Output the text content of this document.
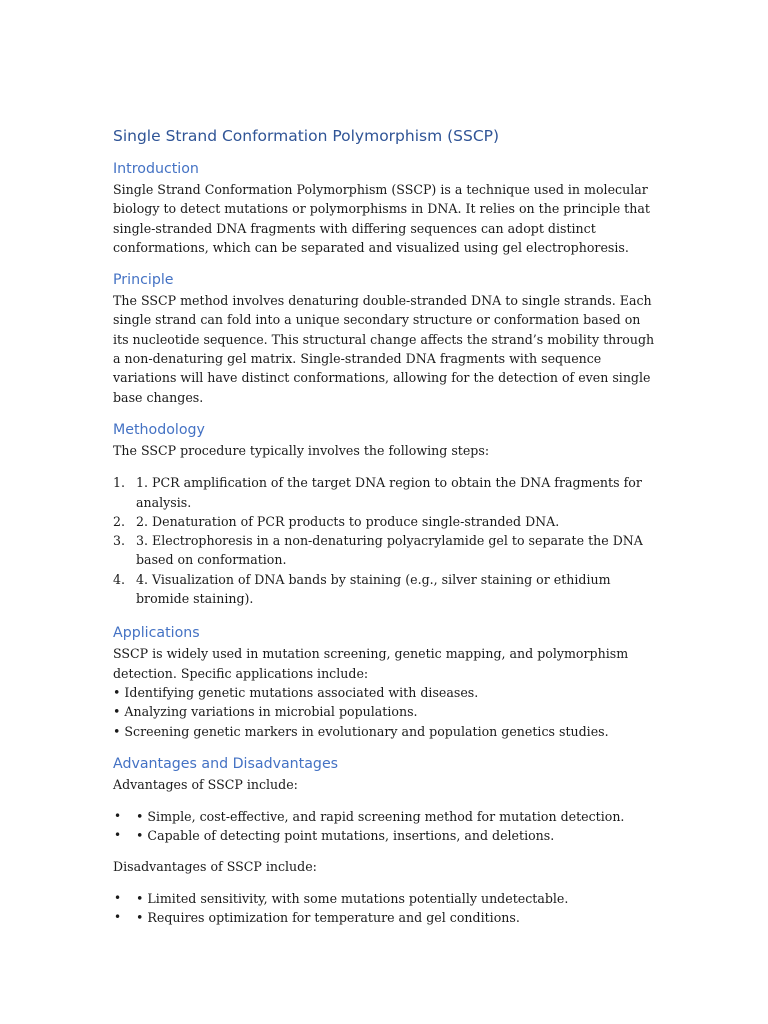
Single Strand Conformation Polymorphism (SSCP)
Introduction

Single Strand Conformation Polymorphism (SSCP) is a technique used in molecular biology to detect mutations or polymorphisms in DNA. It relies on the principle that single-stranded DNA fragments with differing sequences can adopt distinct conformations, which can be separated and visualized using gel electrophoresis.

Principle

The SSCP method involves denaturing double-stranded DNA to single strands. Each single strand can fold into a unique secondary structure or conformation based on its nucleotide sequence. This structural change affects the strand’s mobility through a non-denaturing gel matrix. Single-stranded DNA fragments with sequence variations will have distinct conformations, allowing for the detection of even single base changes.

Methodology

The SSCP procedure typically involves the following steps:

1. 1. PCR amplification of the target DNA region to obtain the DNA fragments for analysis.
2. 2. Denaturation of PCR products to produce single-stranded DNA.
3. 3. Electrophoresis in a non-denaturing polyacrylamide gel to separate the DNA based on conformation.
4. 4. Visualization of DNA bands by staining (e.g., silver staining or ethidium bromide staining).
Applications

SSCP is widely used in mutation screening, genetic mapping, and polymorphism detection. Specific applications include:

• Identifying genetic mutations associated with diseases.
• Analyzing variations in microbial populations.
• Screening genetic markers in evolutionary and population genetics studies.
Advantages and Disadvantages

Advantages of SSCP include:

• • Simple, cost-effective, and rapid screening method for mutation detection.
• • Capable of detecting point mutations, insertions, and deletions.

Disadvantages of SSCP include:

• • Limited sensitivity, with some mutations potentially undetectable.
• • Requires optimization for temperature and gel conditions.
